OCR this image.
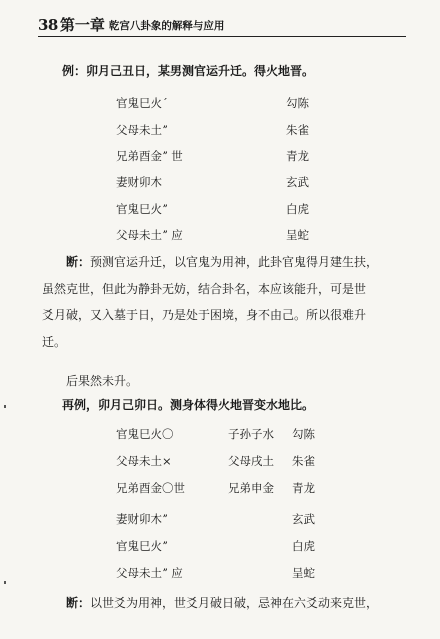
38 第一章 乾宫八卦象的解释与应用
例：卯月己丑日，某男测官运升迁。得火地晋。
官鬼巳火ˊ	勾陈
父母未土ˮ	朱雀
兄弟酉金ˮ 世	青龙
妻财卯木	玄武
官鬼巳火ˮ	白虎
父母未土ˮ 应	呈蛇
断：预测官运升迁，以官鬼为用神，此卦官鬼得月建生扶，
虽然克世，但此为静卦无妨，结合卦名，本应该能升，可是世
爻月破，又入墓于日，乃是处于困境，身不由己。所以很难升
迁。
后果然未升。
再例，卯月己卯日。测身体得火地晋变水地比。
官鬼巳火〇	子孙子水 勾陈
父母未土×	父母戌土 朱雀
兄弟酉金〇世	兄弟申金 青龙
妻财卯木ˮ	玄武
官鬼巳火ˮ	白虎
父母未土ˮ 应	呈蛇
断：以世爻为用神，世爻月破日破，忌神在六爻动来克世，
